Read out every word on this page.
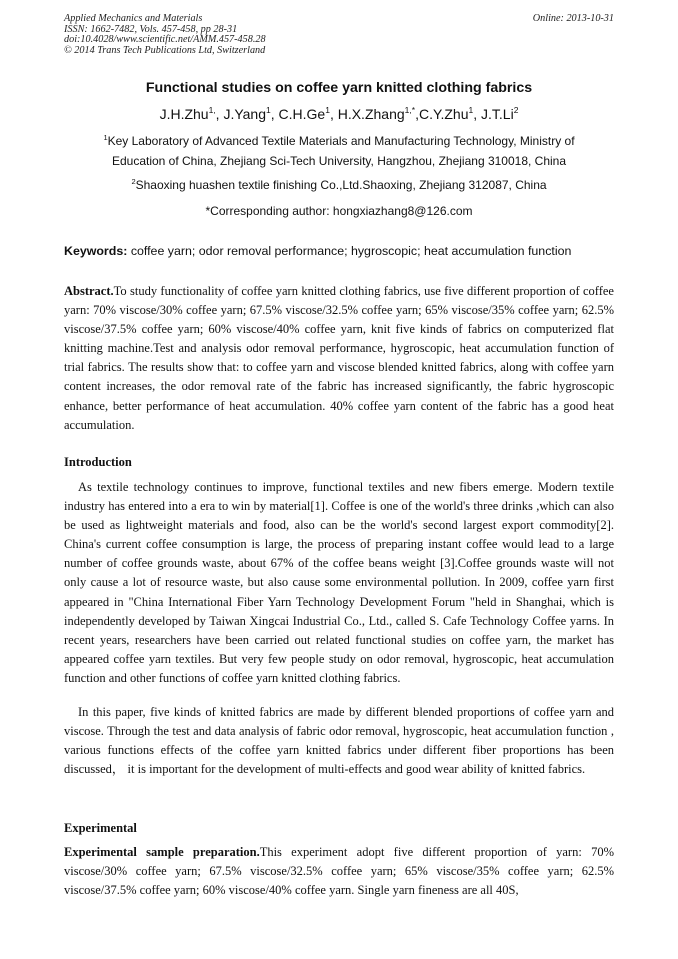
Applied Mechanics and Materials
ISSN: 1662-7482, Vols. 457-458, pp 28-31
doi:10.4028/www.scientific.net/AMM.457-458.28
© 2014 Trans Tech Publications Ltd, Switzerland
Online: 2013-10-31
Functional studies on coffee yarn knitted clothing fabrics
J.H.Zhu$^{1,}$, J.Yang$^1$, C.H.Ge$^1$, H.X.Zhang$^{1,*}$,C.Y.Zhu$^1$, J.T.Li$^2$
$^1$Key Laboratory of Advanced Textile Materials and Manufacturing Technology, Ministry of
Education of China, Zhejiang Sci-Tech University, Hangzhou, Zhejiang 310018, China
$^2$Shaoxing huashen textile finishing Co.,Ltd.Shaoxing, Zhejiang 312087, China
*Corresponding author: hongxiazhang8@126.com
Keywords: coffee yarn; odor removal performance; hygroscopic; heat accumulation function

Abstract.To study functionality of coffee yarn knitted clothing fabrics, use five different proportion of coffee yarn: 70% viscose/30% coffee yarn; 67.5% viscose/32.5% coffee yarn; 65% viscose/35% coffee yarn; 62.5% viscose/37.5% coffee yarn; 60% viscose/40% coffee yarn, knit five kinds of fabrics on computerized flat knitting machine.Test and analysis odor removal performance, hygroscopic, heat accumulation function of trial fabrics. The results show that: to coffee yarn and viscose blended knitted fabrics, along with coffee yarn content increases, the odor removal rate of the fabric has increased significantly, the fabric hygroscopic enhance, better performance of heat accumulation. 40% coffee yarn content of the fabric has a good heat accumulation.

Introduction

As textile technology continues to improve, functional textiles and new fibers emerge. Modern textile industry has entered into a era to win by material[1]. Coffee is one of the world's three drinks ,which can also be used as lightweight materials and food, also can be the world's second largest export commodity[2]. China's current coffee consumption is large, the process of preparing instant coffee would lead to a large number of coffee grounds waste, about 67% of the coffee beans weight [3].Coffee grounds waste will not only cause a lot of resource waste, but also cause some environmental pollution. In 2009, coffee yarn first appeared in "China International Fiber Yarn Technology Development Forum "held in Shanghai, which is independently developed by Taiwan Xingcai Industrial Co., Ltd., called S. Cafe Technology Coffee yarns. In recent years, researchers have been carried out related functional studies on coffee yarn, the market has appeared coffee yarn textiles. But very few people study on odor removal, hygroscopic, heat accumulation function and other functions of coffee yarn knitted clothing fabrics.

In this paper, five kinds of knitted fabrics are made by different blended proportions of coffee yarn and viscose. Through the test and data analysis of fabric odor removal, hygroscopic, heat accumulation function , various functions effects of the coffee yarn knitted fabrics under different fiber proportions has been discussed， it is important for the development of multi-effects and good wear ability of knitted fabrics.

Experimental

Experimental sample preparation.This experiment adopt five different proportion of yarn: 70% viscose/30% coffee yarn; 67.5% viscose/32.5% coffee yarn; 65% viscose/35% coffee yarn; 62.5% viscose/37.5% coffee yarn; 60% viscose/40% coffee yarn. Single yarn fineness are all 40S,
